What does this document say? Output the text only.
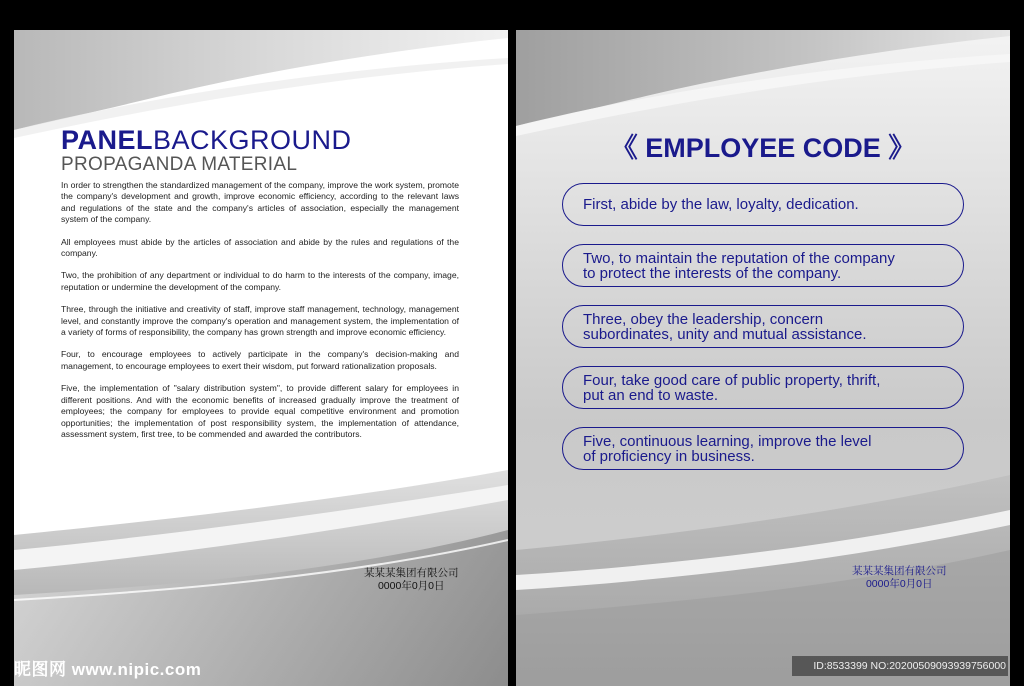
PANELBACKGROUND
PROPAGANDA MATERIAL

In order to strengthen the standardized management of the company, improve the work system, promote the company's development and growth, improve economic efficiency, according to the relevant laws and regulations of the state and the company's articles of association, especially the management system of the company.

All employees must abide by the articles of association and abide by the rules and regulations of the company.

Two, the prohibition of any department or individual to do harm to the interests of the company, image, reputation or undermine the development of the company.

Three, through the initiative and creativity of staff, improve staff management, technology, management level, and constantly improve the company's operation and management system, the implementation of a variety of forms of responsibility, the company has grown strength and improve economic efficiency.

Four, to encourage employees to actively participate in the company's decision-making and management, to encourage employees to exert their wisdom, put forward rationalization proposals.

Five, the implementation of "salary distribution system", to provide different salary for employees in different positions. And with the economic benefits of increased gradually improve the treatment of employees; the company for employees to provide equal competitive environment and promotion opportunities; the implementation of post responsibility system, the implementation of attendance, assessment system, first tree, to be commended and awarded the contributors.

某某某集团有限公司
0000年0月0日
《 EMPLOYEE CODE 》
First, abide by the law, loyalty, dedication.
Two, to maintain the reputation of the company
to protect the interests of the company.
Three, obey the leadership, concern
subordinates, unity and mutual assistance.
Four, take good care of public property, thrift,
put an end to waste.
Five, continuous learning, improve the level
of proficiency in business.
某某某集团有限公司
0000年0月0日
昵图网 www.nipic.com	ID:8533399 NO:20200509093939756000
